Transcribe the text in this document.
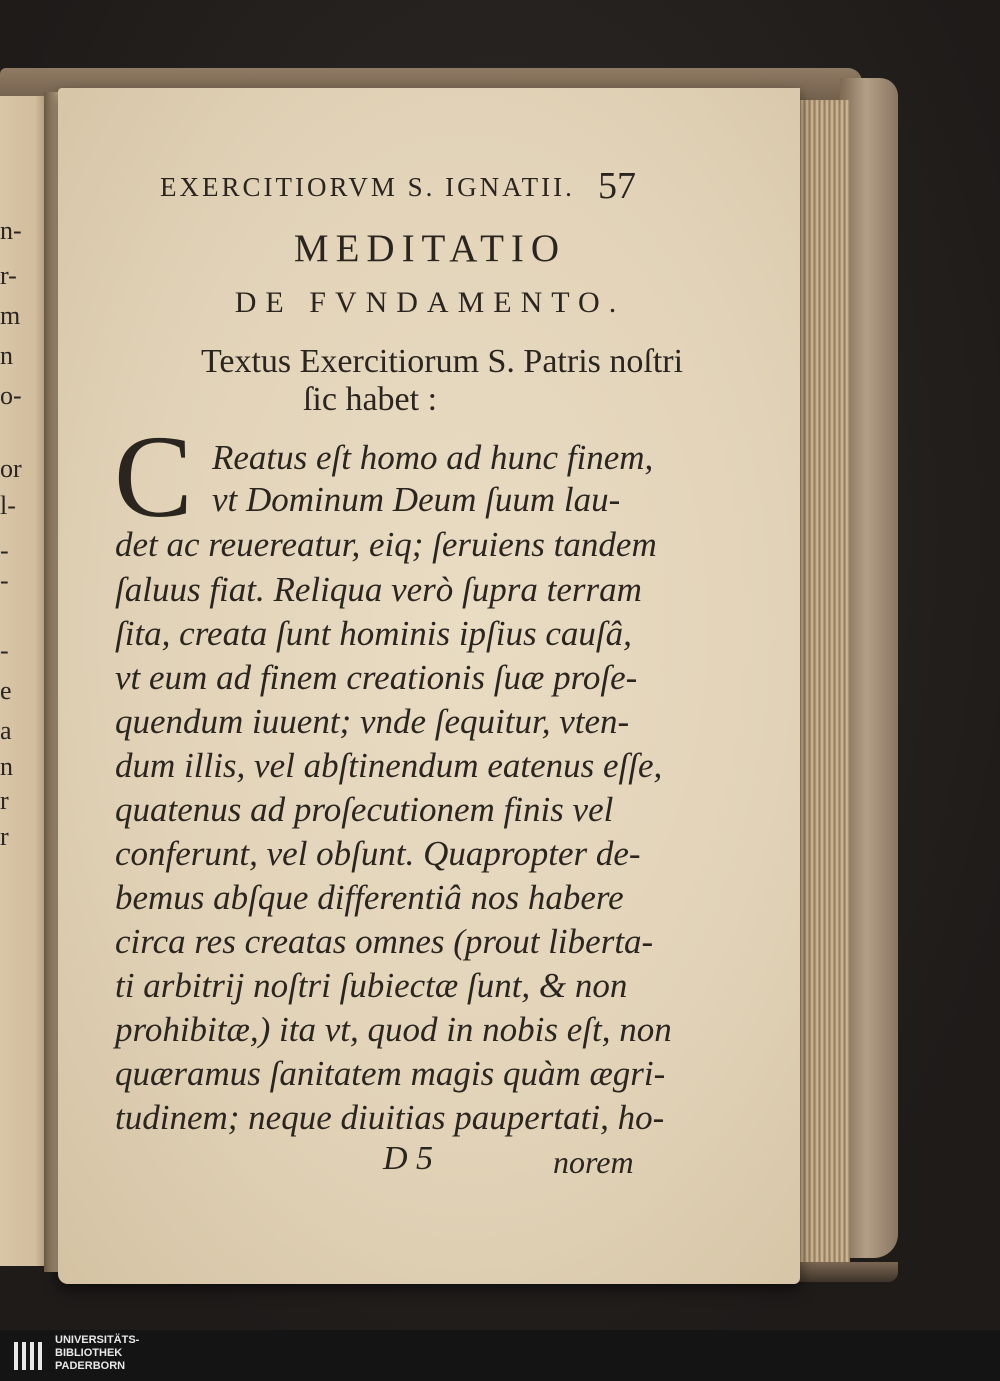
n-
r-
m
n
o-
or
l-
-
-
-
e
a
n
r
r
EXERCITIORVM S. IGNATII. 57
MEDITATIO
DE FVNDAMENTO.
Textus Exercitiorum S. Patris noſtri
ſic habet :
C Reatus eſt homo ad hunc finem,
vt Dominum Deum ſuum lau-
det ac reuereatur, eiq; ſeruiens tandem
ſaluus fiat. Reliqua verò ſupra terram
ſita, creata ſunt hominis ipſius cauſâ,
vt eum ad finem creationis ſuæ proſe-
quendum iuuent; vnde ſequitur, vten-
dum illis, vel abſtinendum eatenus eſſe,
quatenus ad proſecutionem finis vel
conferunt, vel obſunt. Quapropter de-
bemus abſque differentiâ nos habere
circa res creatas omnes (prout liberta-
ti arbitrij noſtri ſubiectæ ſunt, & non
prohibitæ,) ita vt, quod in nobis eſt, non
quæramus ſanitatem magis quàm ægri-
tudinem; neque diuitias paupertati, ho-
D 5	norem
UNIVERSITÄTS-
BIBLIOTHEK
PADERBORN
